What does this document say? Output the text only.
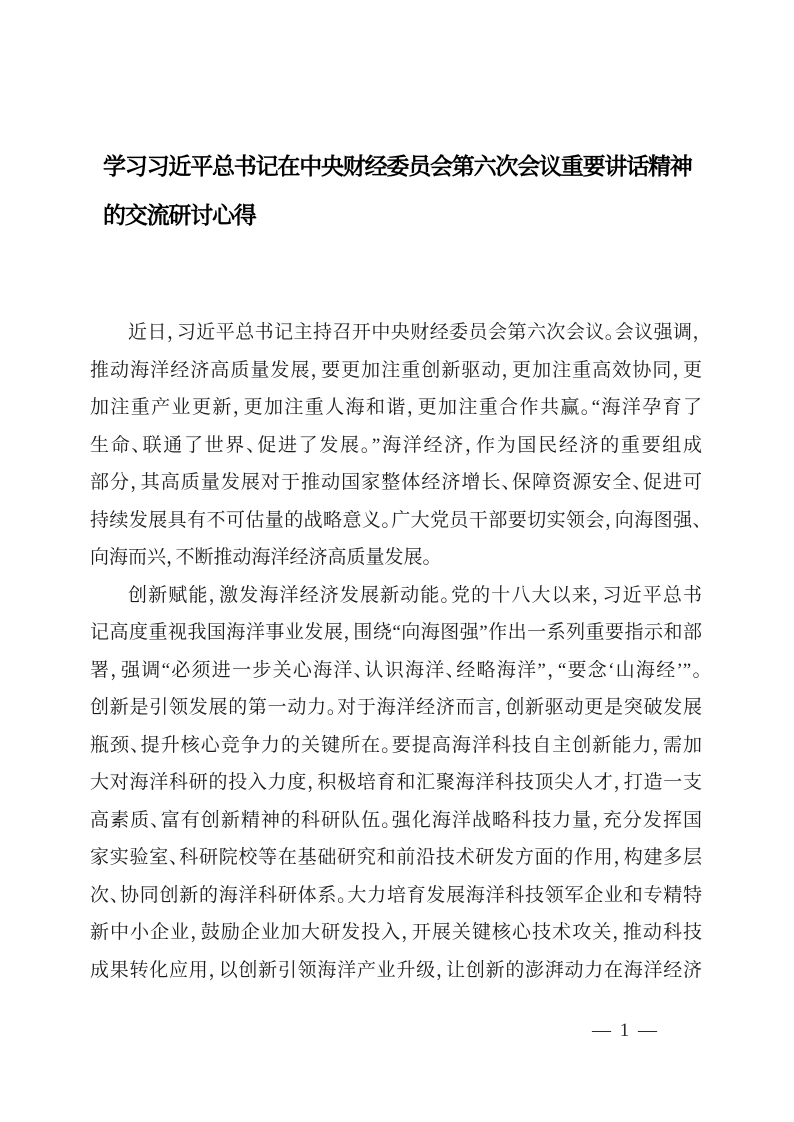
学习习近平总书记在中央财经委员会第六次会议重要讲话精神
的交流研讨心得
近日，习近平总书记主持召开中央财经委员会第六次会议。会议强调，
推动海洋经济高质量发展，要更加注重创新驱动，更加注重高效协同，更
加注重产业更新，更加注重人海和谐，更加注重合作共赢。“海洋孕育了
生命、联通了世界、促进了发展。”海洋经济，作为国民经济的重要组成
部分，其高质量发展对于推动国家整体经济增长、保障资源安全、促进可
持续发展具有不可估量的战略意义。广大党员干部要切实领会，向海图强、
向海而兴，不断推动海洋经济高质量发展。
创新赋能，激发海洋经济发展新动能。党的十八大以来，习近平总书
记高度重视我国海洋事业发展，围绕“向海图强”作出一系列重要指示和部
署，强调“必须进一步关心海洋、认识海洋、经略海洋”，“要念‘山海经’”。
创新是引领发展的第一动力。对于海洋经济而言，创新驱动更是突破发展
瓶颈、提升核心竞争力的关键所在。要提高海洋科技自主创新能力，需加
大对海洋科研的投入力度，积极培育和汇聚海洋科技顶尖人才，打造一支
高素质、富有创新精神的科研队伍。强化海洋战略科技力量，充分发挥国
家实验室、科研院校等在基础研究和前沿技术研发方面的作用，构建多层
次、协同创新的海洋科研体系。大力培育发展海洋科技领军企业和专精特
新中小企业，鼓励企业加大研发投入，开展关键核心技术攻关，推动科技
成果转化应用，以创新引领海洋产业升级，让创新的澎湃动力在海洋经济
— 1 —
